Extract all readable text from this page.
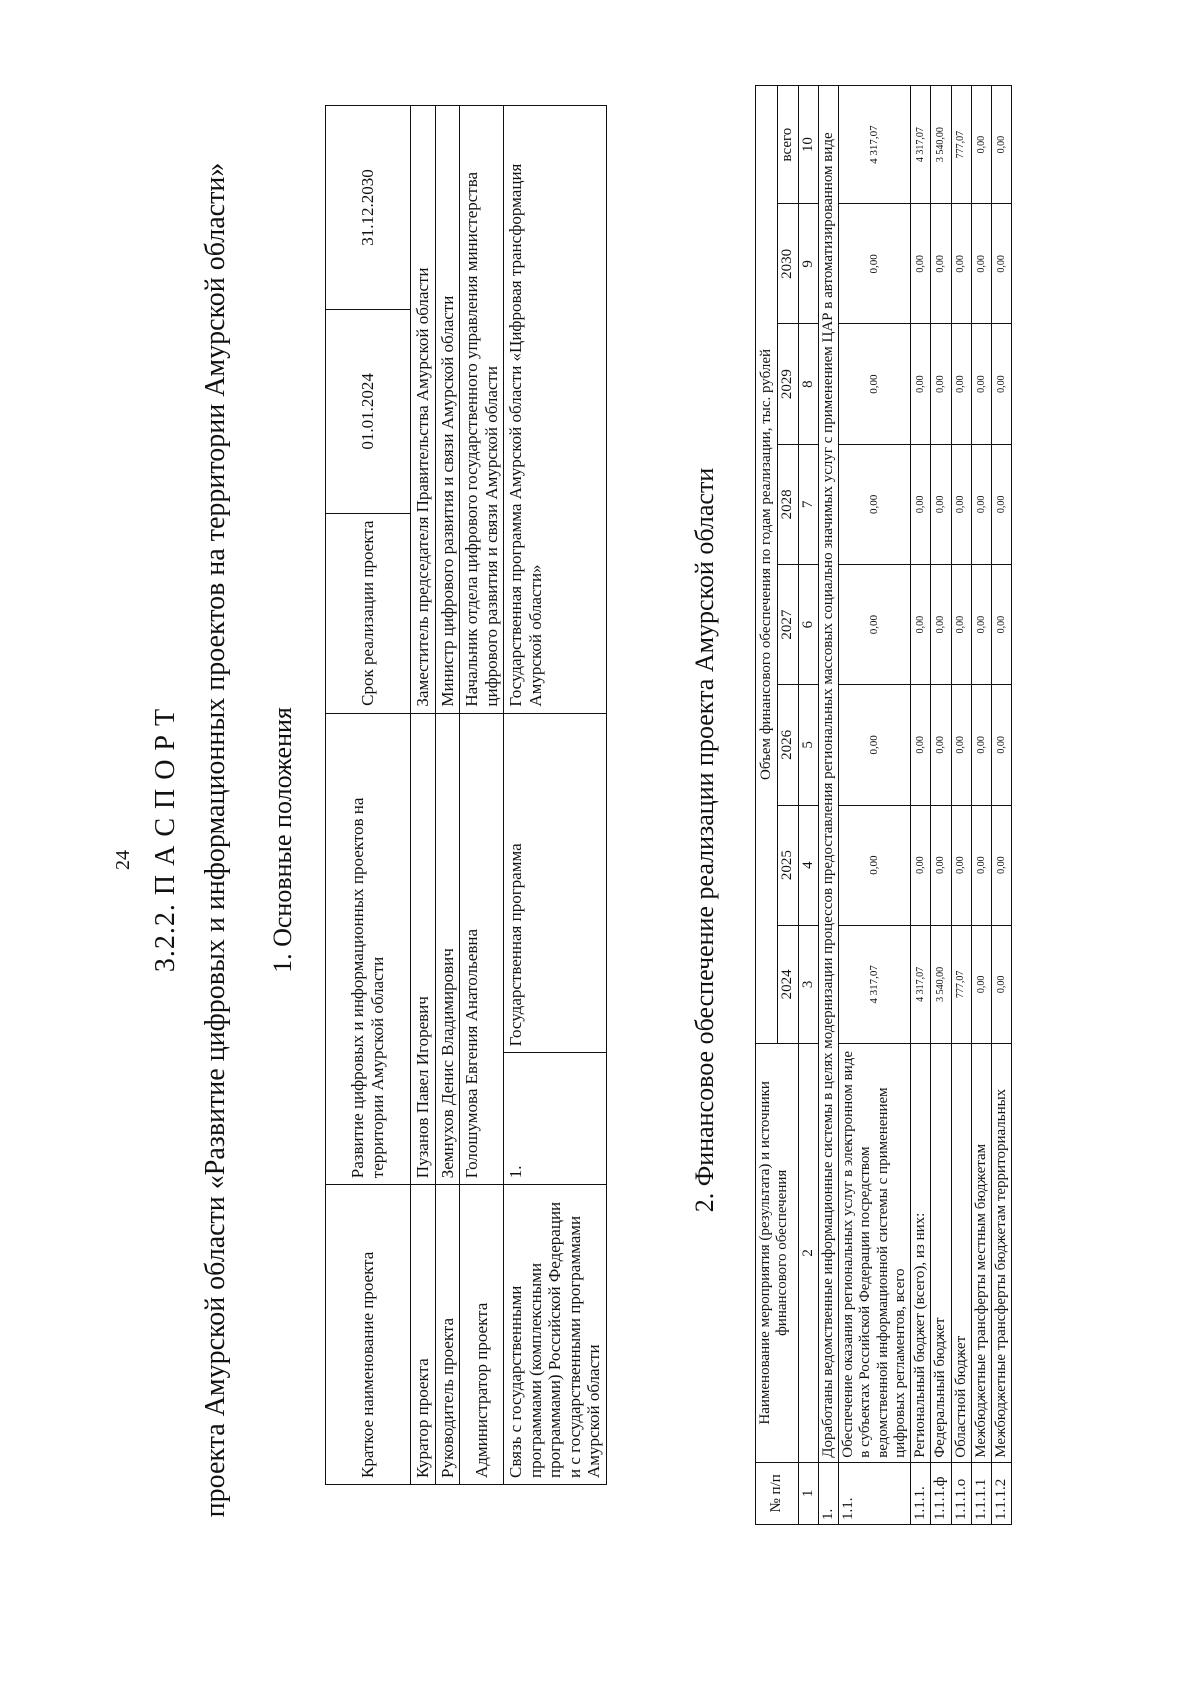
24 3.2.2. П А С П О Р Т проекта Амурской области «Развитие цифровых и информационных проектов на территории Амурской области» 1. Основные положения
Краткое наименование проекта	Развитие цифровых и информационных проектов на территории Амурской области		Срок реализации проекта	01.01.2024	31.12.2030
Куратор проекта	Пузанов Павел Игоревич		Заместитель председателя Правительства Амурской области		
Руководитель проекта	Земнухов Денис Владимирович		Министр цифрового развития и связи Амурской области		
Администратор проекта	Голошумова Евгения Анатольевна		Начальник отдела цифрового государственного управления министерства цифрового развития и связи Амурской области		
Связь с государственными программами (комплексными программами) Российской Федерации и с государственными программами Амурской области	1.	Государственная программа	Государственная программа Амурской области «Цифровая трансформация Амурской области»			2. Финансовое обеспечение реализации проекта Амурской области
№ п/п	Наименование мероприятия (результата) и источники финансового обеспечения	Объем финансового обеспечения по годам реализации, тыс. рублей							
		2024	2025	2026	2027	2028	2029	2030	всего
1	2	3	4	5	6	7	8	9	10
1.	Доработаны ведомственные информационные системы в целях модернизации процессов предоставления региональных массовых социально значимых услуг с применением ЦАР в автоматизированном виде								
1.1.	Обеспечение оказания региональных услуг в электронном виде в субъектах Российской Федерации посредством ведомственной информационной системы с применением цифровых регламентов, всего	4 317,07	0,00	0,00	0,00	0,00	0,00	0,00	4 317,07
1.1.1.	Региональный бюджет (всего), из них:	4 317,07	0,00	0,00	0,00	0,00	0,00	0,00	4 317,07
1.1.1.ф	Федеральный бюджет	3 540,00	0,00	0,00	0,00	0,00	0,00	0,00	3 540,00
1.1.1.о	Областной бюджет	777,07	0,00	0,00	0,00	0,00	0,00	0,00	777,07
1.1.1.1	Межбюджетные трансферты местным бюджетам	0,00	0,00	0,00	0,00	0,00	0,00	0,00	0,00
1.1.1.2	Межбюджетные трансферты бюджетам территориальных	0,00	0,00	0,00	0,00	0,00	0,00	0,00	0,00
